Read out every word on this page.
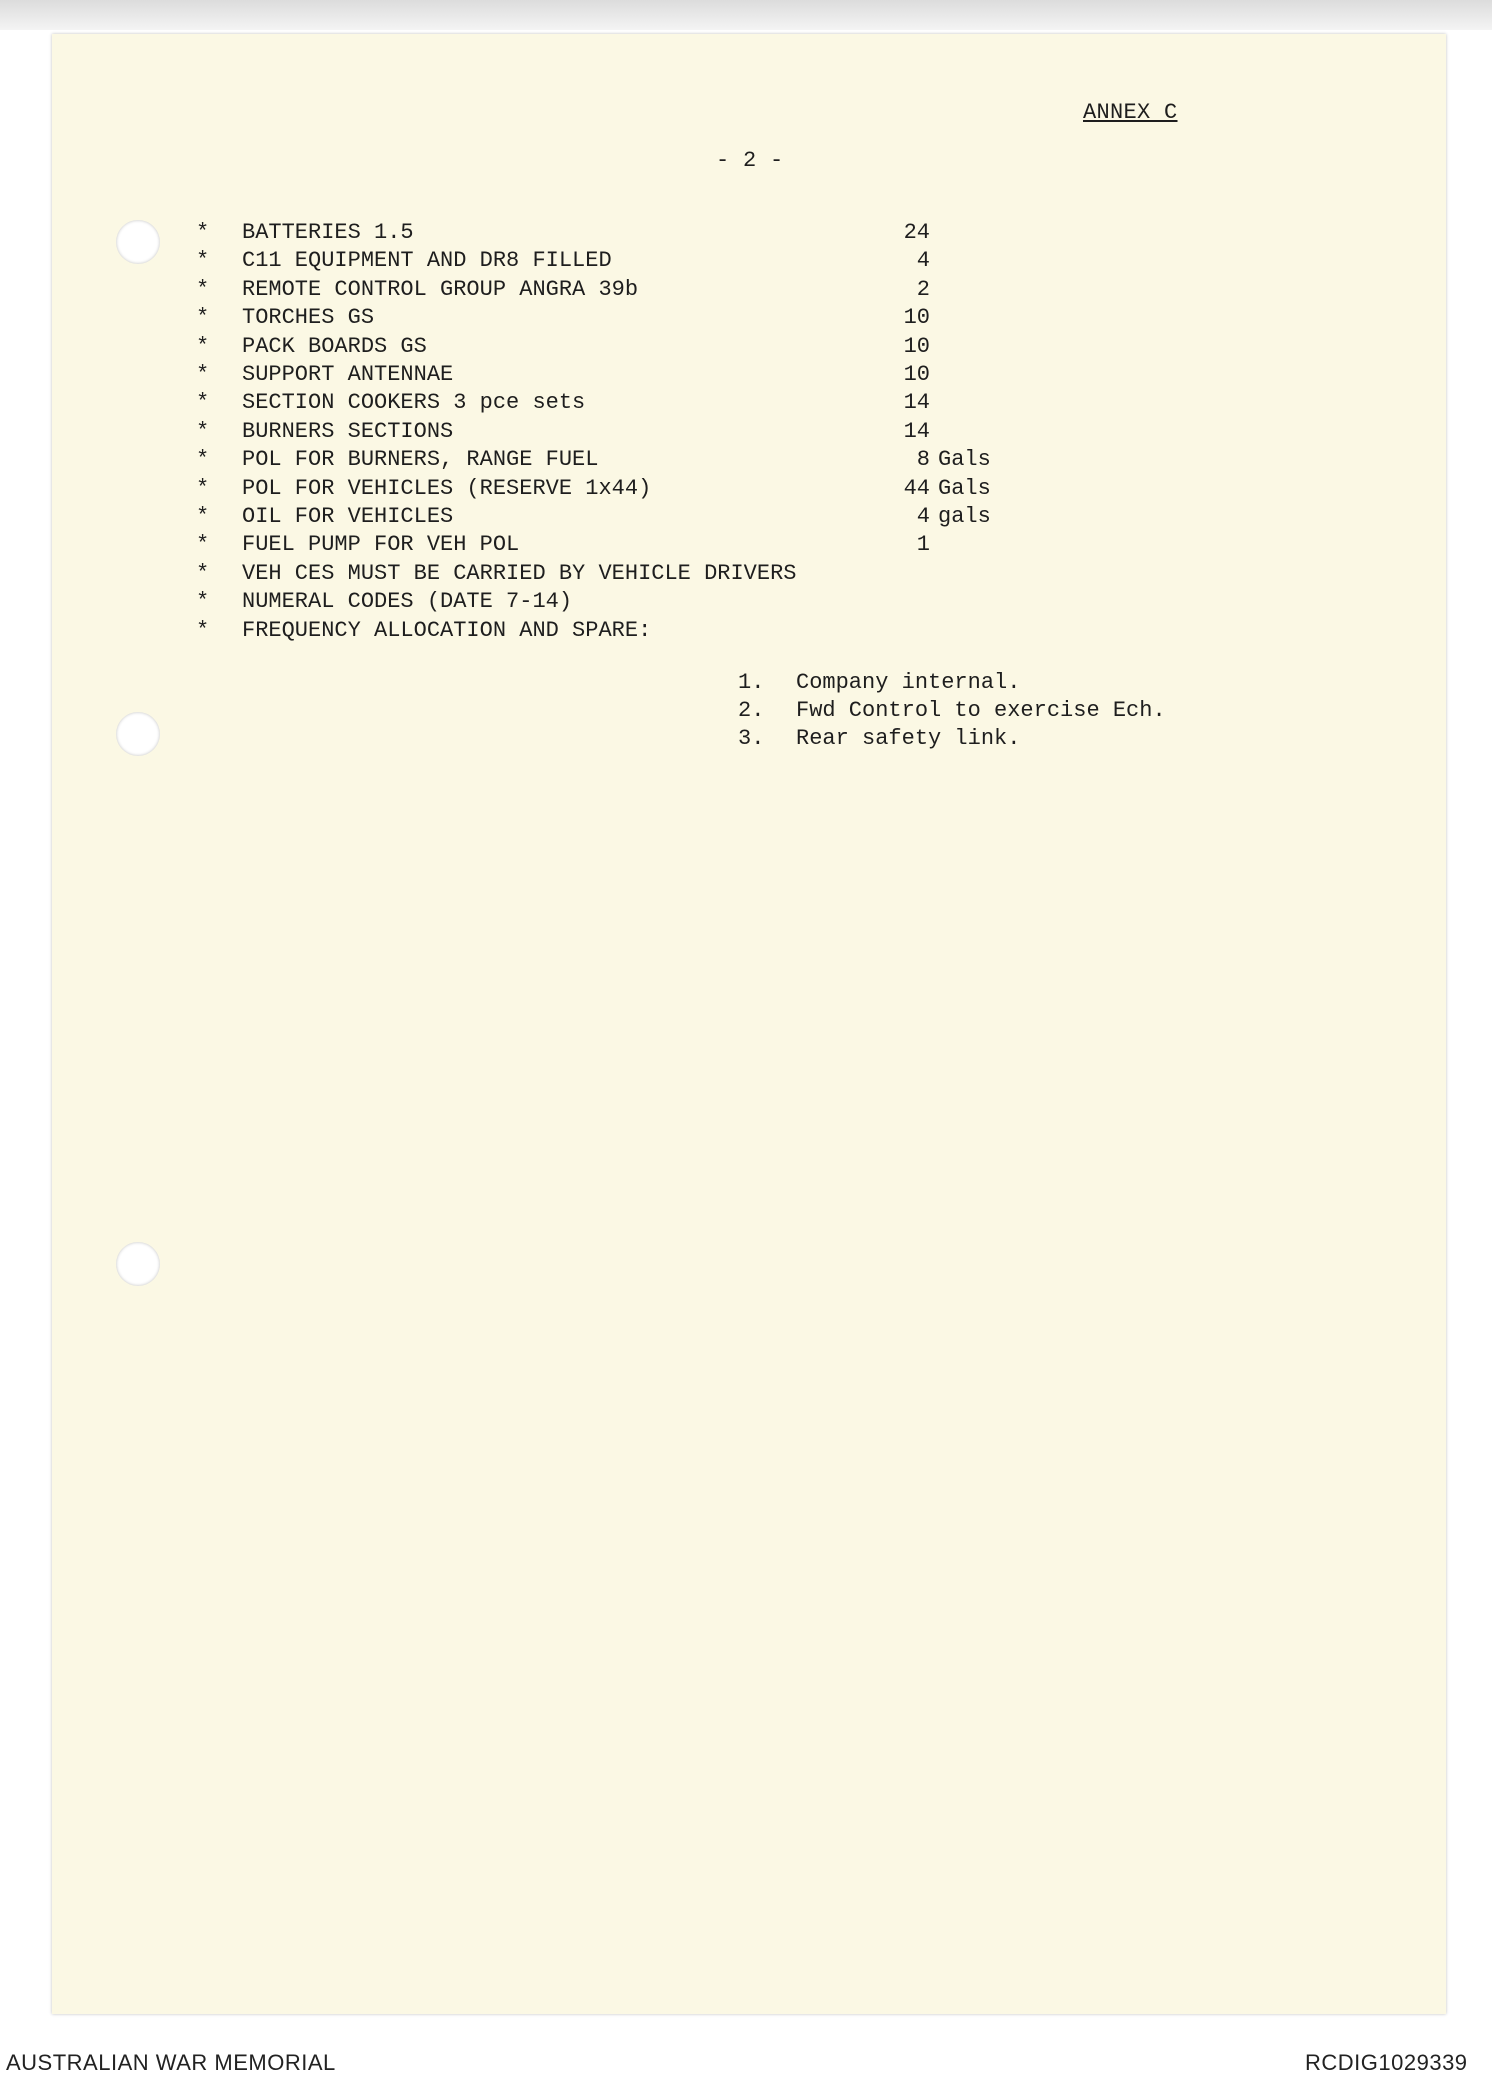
ANNEX C
- 2 -
* BATTERIES 1.5	24
* C11 EQUIPMENT AND DR8 FILLED	4
* REMOTE CONTROL GROUP ANGRA 39b	2
* TORCHES GS	10
* PACK BOARDS GS	10
* SUPPORT ANTENNAE	10
* SECTION COOKERS 3 pce sets	14
* BURNERS SECTIONS	14
* POL FOR BURNERS, RANGE FUEL	8 Gals
* POL FOR VEHICLES (RESERVE 1x44)	44 Gals
* OIL FOR VEHICLES	4 gals
* FUEL PUMP FOR VEH POL	1
* VEH CES MUST BE CARRIED BY VEHICLE DRIVERS
* NUMERAL CODES (DATE 7-14)
* FREQUENCY ALLOCATION AND SPARE:
1. Company internal.
2. Fwd Control to exercise Ech.
3. Rear safety link.
AUSTRALIAN WAR MEMORIAL	RCDIG1029339
